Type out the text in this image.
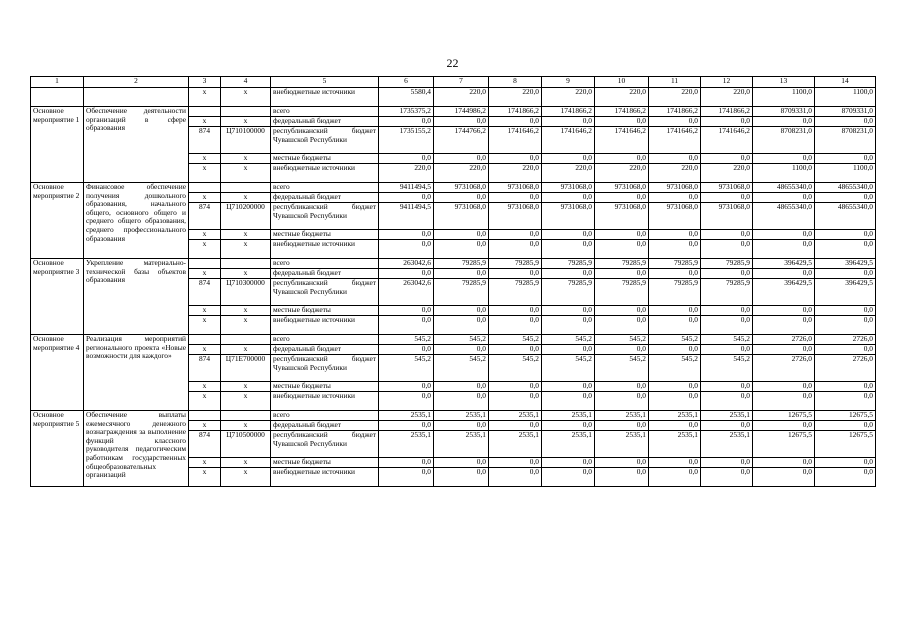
22
1	2	3	4	5	6	7	8	9	10	11	12	13	14
		x	x	внебюджетные источники	5580,4	220,0	220,0	220,0	220,0	220,0	220,0	1100,0	1100,0
Основное мероприятие 1	Обеспечение деятельности организаций в сфере образования			всего	1735375,2	1744986,2	1741866,2	1741866,2	1741866,2	1741866,2	1741866,2	8709331,0	8709331,0
		x	x	федеральный бюджет	0,0	0,0	0,0	0,0	0,0	0,0	0,0	0,0	0,0
		874	Ц710100000	республиканский бюджет Чувашской Республики	1735155,2	1744766,2	1741646,2	1741646,2	1741646,2	1741646,2	1741646,2	8708231,0	8708231,0
		x	x	местные бюджеты	0,0	0,0	0,0	0,0	0,0	0,0	0,0	0,0	0,0
		x	x	внебюджетные источники	220,0	220,0	220,0	220,0	220,0	220,0	220,0	1100,0	1100,0
Основное мероприятие 2	Финансовое обеспечение получения дошкольного образования, начального общего, основного общего и среднего общего образования, среднего профессионального образования			всего	9411494,5	9731068,0	9731068,0	9731068,0	9731068,0	9731068,0	9731068,0	48655340,0	48655340,0
		x	x	федеральный бюджет	0,0	0,0	0,0	0,0	0,0	0,0	0,0	0,0	0,0
		874	Ц710200000	республиканский бюджет Чувашской Республики	9411494,5	9731068,0	9731068,0	9731068,0	9731068,0	9731068,0	9731068,0	48655340,0	48655340,0
		x	x	местные бюджеты	0,0	0,0	0,0	0,0	0,0	0,0	0,0	0,0	0,0
		x	x	внебюджетные источники	0,0	0,0	0,0	0,0	0,0	0,0	0,0	0,0	0,0
Основное мероприятие 3	Укрепление материально-технической базы объектов образования			всего	263042,6	79285,9	79285,9	79285,9	79285,9	79285,9	79285,9	396429,5	396429,5
		x	x	федеральный бюджет	0,0	0,0	0,0	0,0	0,0	0,0	0,0	0,0	0,0
		874	Ц710300000	республиканский бюджет Чувашской Республики	263042,6	79285,9	79285,9	79285,9	79285,9	79285,9	79285,9	396429,5	396429,5
		x	x	местные бюджеты	0,0	0,0	0,0	0,0	0,0	0,0	0,0	0,0	0,0
		x	x	внебюджетные источники	0,0	0,0	0,0	0,0	0,0	0,0	0,0	0,0	0,0
Основное мероприятие 4	Реализация мероприятий регионального проекта «Новые возможности для каждого»			всего	545,2	545,2	545,2	545,2	545,2	545,2	545,2	2726,0	2726,0
		x	x	федеральный бюджет	0,0	0,0	0,0	0,0	0,0	0,0	0,0	0,0	0,0
		874	Ц71E700000	республиканский бюджет Чувашской Республики	545,2	545,2	545,2	545,2	545,2	545,2	545,2	2726,0	2726,0
		x	x	местные бюджеты	0,0	0,0	0,0	0,0	0,0	0,0	0,0	0,0	0,0
		x	x	внебюджетные источники	0,0	0,0	0,0	0,0	0,0	0,0	0,0	0,0	0,0
Основное мероприятие 5	Обеспечение выплаты ежемесячного денежного вознаграждения за выполнение функций классного руководителя педагогическим работникам государственных общеобразовательных организаций			всего	2535,1	2535,1	2535,1	2535,1	2535,1	2535,1	2535,1	12675,5	12675,5
		x	x	федеральный бюджет	0,0	0,0	0,0	0,0	0,0	0,0	0,0	0,0	0,0
		874	Ц710500000	республиканский бюджет Чувашской Республики	2535,1	2535,1	2535,1	2535,1	2535,1	2535,1	2535,1	12675,5	12675,5
		x	x	местные бюджеты	0,0	0,0	0,0	0,0	0,0	0,0	0,0	0,0	0,0
		x	x	внебюджетные источники	0,0	0,0	0,0	0,0	0,0	0,0	0,0	0,0	0,0
